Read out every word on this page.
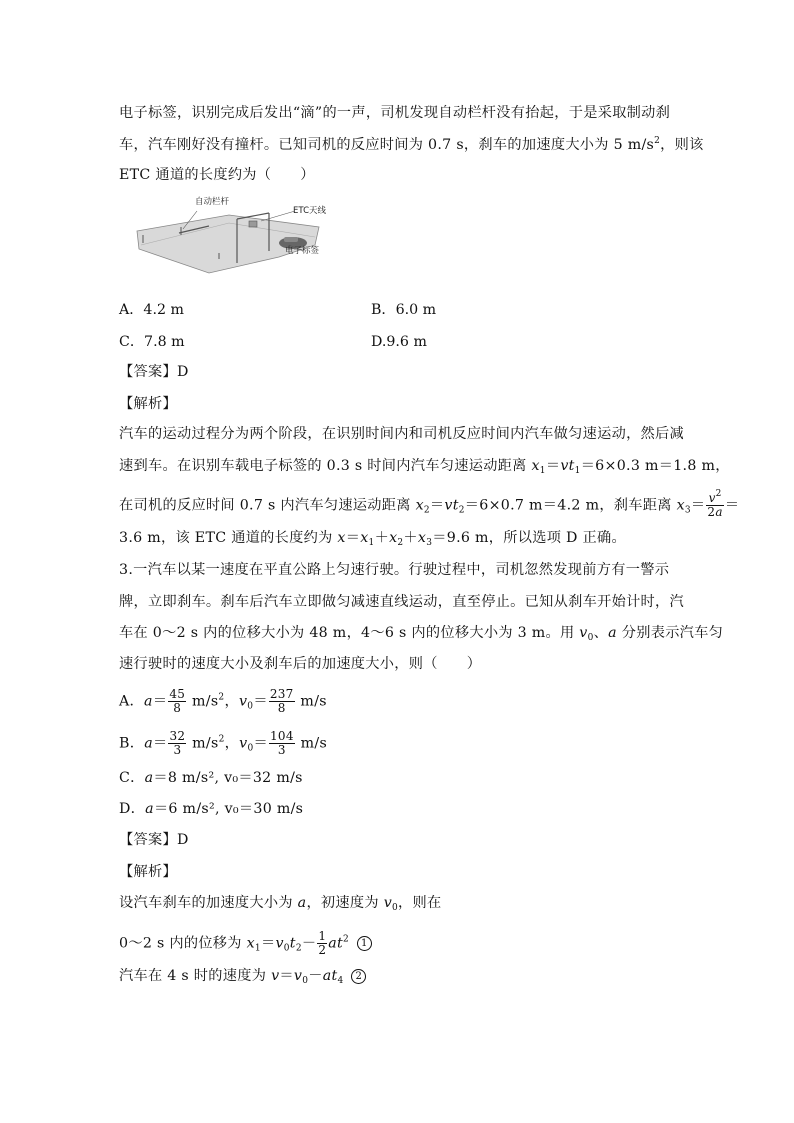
电子标签，识别完成后发出“滴”的一声，司机发现自动栏杆没有抬起，于是采取制动刹
车，汽车刚好没有撞杆。已知司机的反应时间为 0.7 s，刹车的加速度大小为 5 $m/s^2$，则该
ETC 通道的长度约为（　　）
自动栏杆
ETC天线
电子标签
A．4.2 m	B．6.0 m
C．7.8 m	D.9.6 m
【答案】D
【解析】
汽车的运动过程分为两个阶段，在识别时间内和司机反应时间内汽车做匀速运动，然后减
速到车。在识别车载电子标签的 0.3 s 时间内汽车匀速运动距离 $x_1=vt_1=6\times 0.3$ m＝1.8 m，
在司机的反应时间 0.7 s 内汽车匀速运动距离 $x_2=vt_2=6\times 0.7$ m＝4.2 m，刹车距离 $x_3= \frac{v^2}{2a}$ ＝
3.6 m，该 ETC 通道的长度约为 $x=x_1+x_2+x_3=9.6$ m，所以选项 D 正确。
3.一汽车以某一速度在平直公路上匀速行驶。行驶过程中，司机忽然发现前方有一警示
牌，立即刹车。刹车后汽车立即做匀减速直线运动，直至停止。已知从刹车开始计时，汽
车在 0～2 s 内的位移大小为 48 m，4～6 s 内的位移大小为 3 m。用 $v_0$、a 分别表示汽车匀
速行驶时的速度大小及刹车后的加速度大小，则（　　）
A．$a= \frac{45}{8} m/s^2$，$v_0= \frac{237}{8} m/s$
B．$a= \frac{32}{3} m/s^2$，$v_0= \frac{104}{3} m/s$
C．a＝8 m/s², v₀＝32 m/s
D．a＝6 m/s², v₀＝30 m/s
【答案】D
【解析】
设汽车刹车的加速度大小为 a，初速度为 $v_0$，则在
0～2 s 内的位移为 $x_1=v_0t_2- \frac{1}{2} at^2$ 1
汽车在 4 s 时的速度为 $v=v_0-at_4$ 2
